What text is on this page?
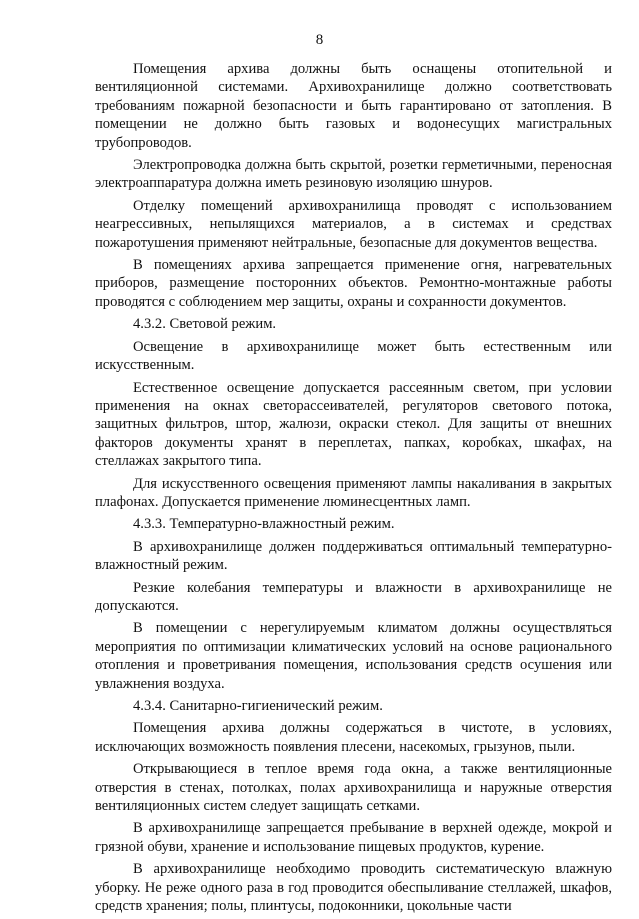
8

Помещения архива должны быть оснащены отопительной и вентиляционной системами. Архивохранилище должно соответствовать требованиям пожарной безопасности и быть гарантировано от затопления. В помещении не должно быть газовых и водонесущих магистральных трубопроводов.

Электропроводка должна быть скрытой, розетки герметичными, переносная электроаппаратура должна иметь резиновую изоляцию шнуров.

Отделку помещений архивохранилища проводят с использованием неагрессивных, непылящихся материалов, а в системах и средствах пожаротушения применяют нейтральные, безопасные для документов вещества.

В помещениях архива запрещается применение огня, нагревательных приборов, размещение посторонних объектов. Ремонтно-монтажные работы проводятся с соблюдением мер защиты, охраны и сохранности документов.

4.3.2. Световой режим.

Освещение в архивохранилище может быть естественным или искусственным.

Естественное освещение допускается рассеянным светом, при условии применения на окнах светорассеивателей, регуляторов светового потока, защитных фильтров, штор, жалюзи, окраски стекол. Для защиты от внешних факторов документы хранят в переплетах, папках, коробках, шкафах, на стеллажах закрытого типа.

Для искусственного освещения применяют лампы накаливания в закрытых плафонах. Допускается применение люминесцентных ламп.

4.3.3. Температурно-влажностный режим.

В архивохранилище должен поддерживаться оптимальный температурно-влажностный режим.

Резкие колебания температуры и влажности в архивохранилище не допускаются.

В помещении с нерегулируемым климатом должны осуществляться мероприятия по оптимизации климатических условий на основе рационального отопления и проветривания помещения, использования средств осушения или увлажнения воздуха.

4.3.4. Санитарно-гигиенический режим.

Помещения архива должны содержаться в чистоте, в условиях, исключающих возможность появления плесени, насекомых, грызунов, пыли.

Открывающиеся в теплое время года окна, а также вентиляционные отверстия в стенах, потолках, полах архивохранилища и наружные отверстия вентиляционных систем следует защищать сетками.

В архивохранилище запрещается пребывание в верхней одежде, мокрой и грязной обуви, хранение и использование пищевых продуктов, курение.

В архивохранилище необходимо проводить систематическую влажную уборку. Не реже одного раза в год проводится обеспыливание стеллажей, шкафов, средств хранения; полы, плинтусы, подоконники, цокольные части
